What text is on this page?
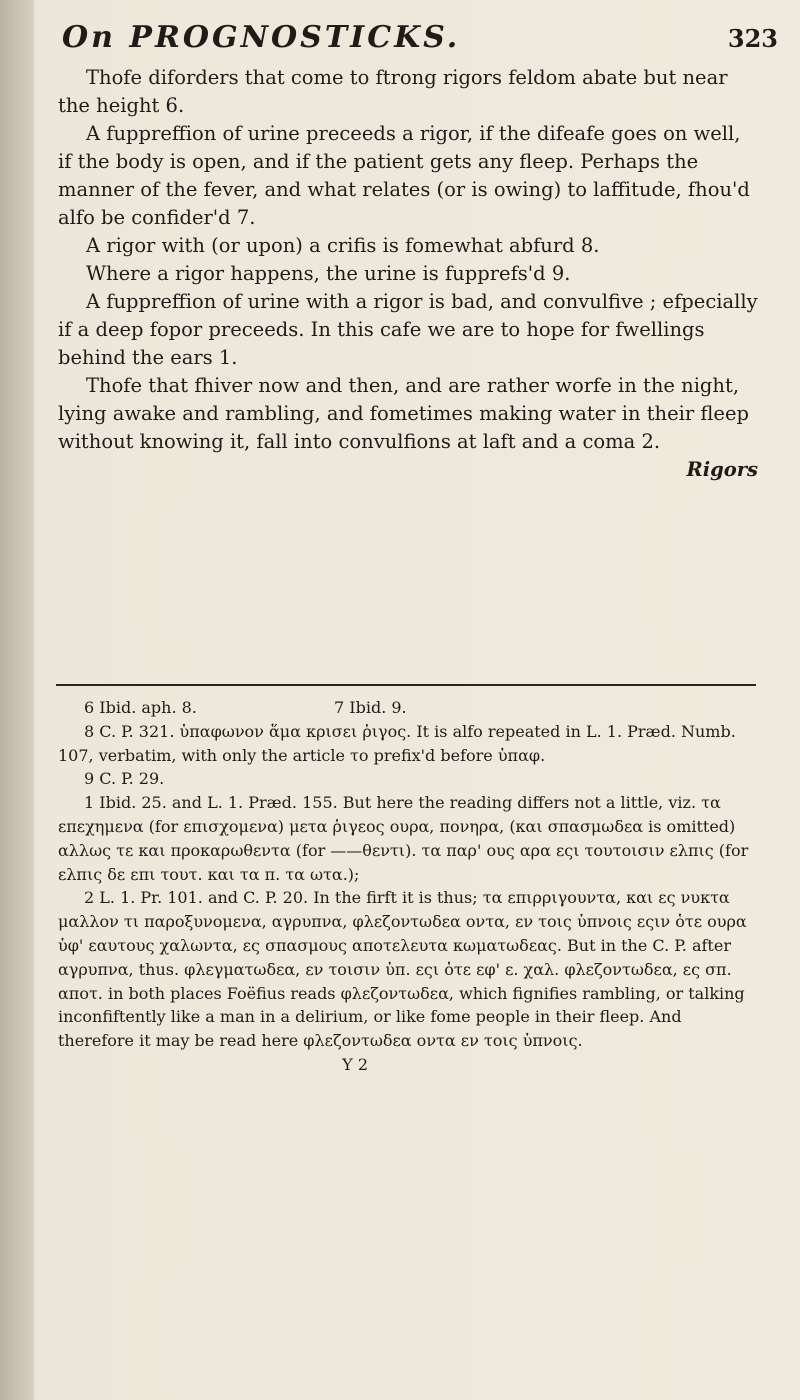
On PROGNOSTICKS.	323

Thofe diforders that come to ftrong rigors feldom abate but near the height 6.

A fuppreffion of urine preceeds a rigor, if the difeafe goes on well, if the body is open, and if the patient gets any fleep. Perhaps the manner of the fever, and what relates (or is owing) to laffitude, fhou'd alfo be confider'd 7.

A rigor with (or upon) a crifis is fomewhat abfurd 8.

Where a rigor happens, the urine is fupprefs'd 9.

A fuppreffion of urine with a rigor is bad, and convulfive ; efpecially if a deep fopor preceeds. In this cafe we are to hope for fwellings behind the ears 1.

Thofe that fhiver now and then, and are rather worfe in the night, lying awake and rambling, and fometimes making water in their fleep without knowing it, fall into convulfions at laft and a coma 2.

Rigors

6 Ibid. aph. 8.	7 Ibid. 9.

8 C. P. 321. ὑπαφωνον ἅμα κρισει ῥιγος. It is alfo repeated in L. 1. Præd. Numb. 107, verbatim, with only the article το prefix'd before ὑπαφ.

9 C. P. 29.

1 Ibid. 25. and L. 1. Præd. 155. But here the reading differs not a little, viz. τα επεχημενα (for επισχομενα) μετα ῥιγεος ουρα, πονηρα, (και σπασμωδεα is omitted) αλλως τε και προκαρωθεντα (for ——θεντι). τα παρ' ους αρα εςι τουτοισιν ελπις (for ελπις δε επι τουτ. και τα π. τα ωτα.);

2 L. 1. Pr. 101. and C. P. 20. In the firft it is thus; τα επιρριγουντα, και ες νυκτα μαλλον τι παροξυνομενα, αγρυπνα, φλεζοντωδεα οντα, εν τοις ὑπνοις εςιν ὁτε ουρα ὑφ' εαυτους χαλωντα, ες σπασμους αποτελευτα κωματωδεας. But in the C. P. after αγρυπνα, thus. φλεγματωδεα, εν τοισιν ὑπ. εςι ὁτε εφ' ε. χαλ. φλεζοντωδεα, ες σπ. αποτ. in both places Foëfius reads φλεζοντωδεα, which fignifies rambling, or talking inconfiftently like a man in a delirium, or like fome people in their fleep. And therefore it may be read here φλεζοντωδεα οντα εν τοις ὑπνοις.

Y 2
